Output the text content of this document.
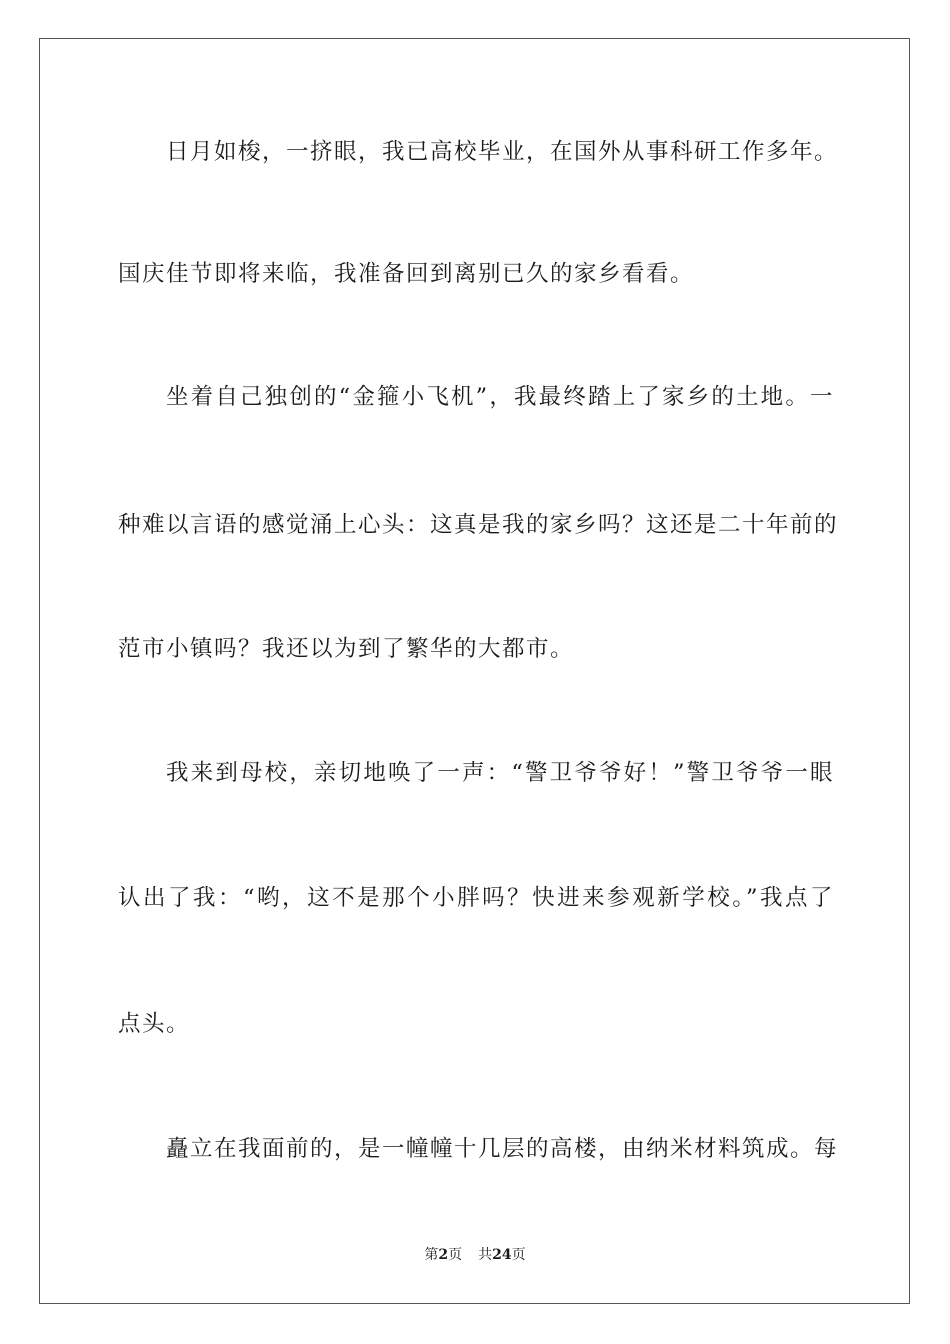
日月如梭，一挤眼，我已高校毕业，在国外从事科研工作多年。
国庆佳节即将来临，我准备回到离别已久的家乡看看。
坐着自己独创的“金箍小飞机”，我最终踏上了家乡的土地。一
种难以言语的感觉涌上心头：这真是我的家乡吗？这还是二十年前的
范市小镇吗？我还以为到了繁华的大都市。
我来到母校，亲切地唤了一声：“警卫爷爷好！”警卫爷爷一眼
认出了我：“哟，这不是那个小胖吗？快进来参观新学校。”我点了
点头。
矗立在我面前的，是一幢幢十几层的高楼，由纳米材料筑成。每
第2页 共24页
